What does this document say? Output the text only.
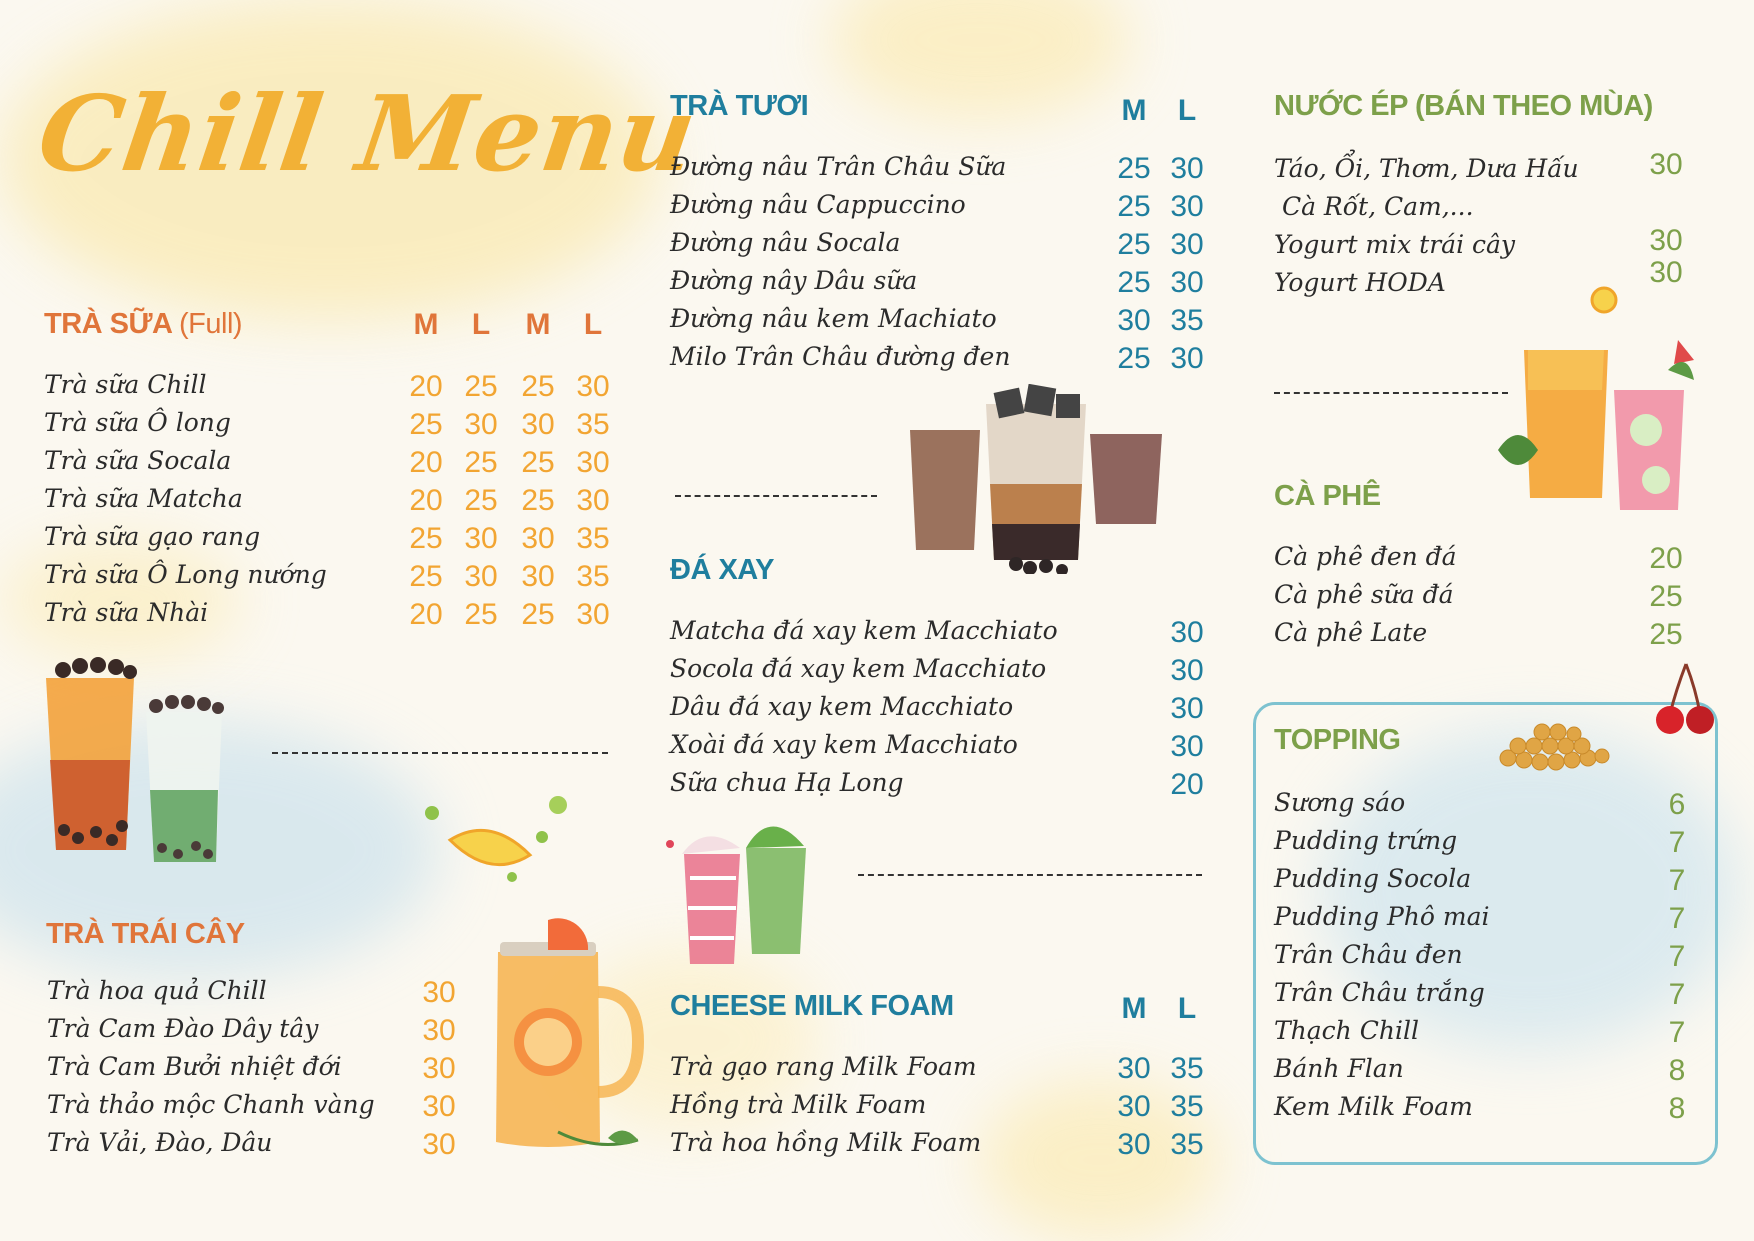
Chill Menu
TRÀ SỮA (Full)	M	L	M	L
Trà sữa Chill	20 25 25 30
Trà sữa Ô long	25 30 30 35
Trà sữa Socala	20 25 25 30
Trà sữa Matcha	20 25 25 30
Trà sữa gạo rang	25 30 30 35
Trà sữa Ô Long nướng	25 30 30 35
Trà sữa Nhài	20 25 25 30
TRÀ TRÁI CÂY
Trà hoa quả Chill	30
Trà Cam Đào Dây tây	30
Trà Cam Bưởi nhiệt đới	30
Trà thảo mộc Chanh vàng 30
Trà Vải, Đào, Dâu	30
TRÀ TƯƠI	M	L
Đường nâu Trân Châu Sữa	25 30
Đường nâu Cappuccino	25 30
Đường nâu Socala	25 30
Đường nây Dâu sữa	25 30
Đường nâu kem Machiato	30 35
Milo Trân Châu đường đen	25 30
ĐÁ XAY
Matcha đá xay kem Macchiato	30
Socola đá xay kem Macchiato	30
Dâu đá xay kem Macchiato	30
Xoài đá xay kem Macchiato	30
Sữa chua Hạ Long	20
CHEESE MILK FOAM	M	L
Trà gạo rang Milk Foam	30 35
Hồng trà Milk Foam	30 35
Trà hoa hồng Milk Foam	30 35
NƯỚC ÉP (BÁN THEO MÙA)
Táo, Ổi, Thơm, Dưa Hấu 30
Cà Rốt, Cam,...
Yogurt mix trái cây	30
Yogurt HODA	30
CÀ PHÊ
Cà phê đen đá	20
Cà phê sữa đá	25
Cà phê Late	25
TOPPING
Sương sáo	6
Pudding trứng	7
Pudding Socola	7
Pudding Phô mai	7
Trân Châu đen	7
Trân Châu trắng	7
Thạch Chill	7
Bánh Flan	8
Kem Milk Foam	8
